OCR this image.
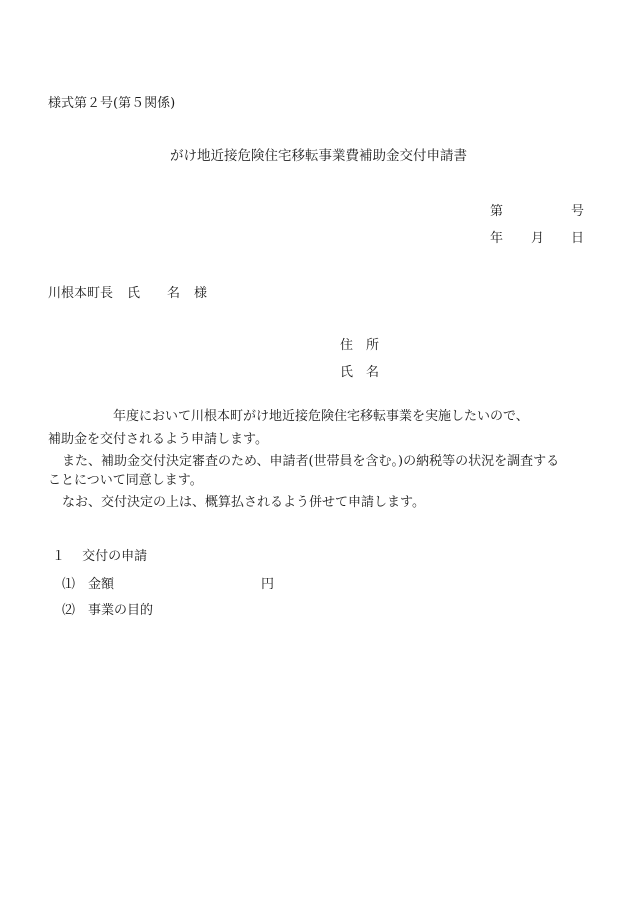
様式第２号(第５関係)
がけ地近接危険住宅移転事業費補助金交付申請書
第	号
年 月 日
川根本町長 氏 名 様
住　所
氏　名
年度において川根本町がけ地近接危険住宅移転事業を実施したいので、
補助金を交付されるよう申請します。
また、補助金交付決定審査のため、申請者(世帯員を含む。)の納税等の状況を調査する
ことについて同意します。
なお、交付決定の上は、概算払されるよう併せて申請します。
１　 交付の申請
⑴　金額	円
⑵　事業の目的
